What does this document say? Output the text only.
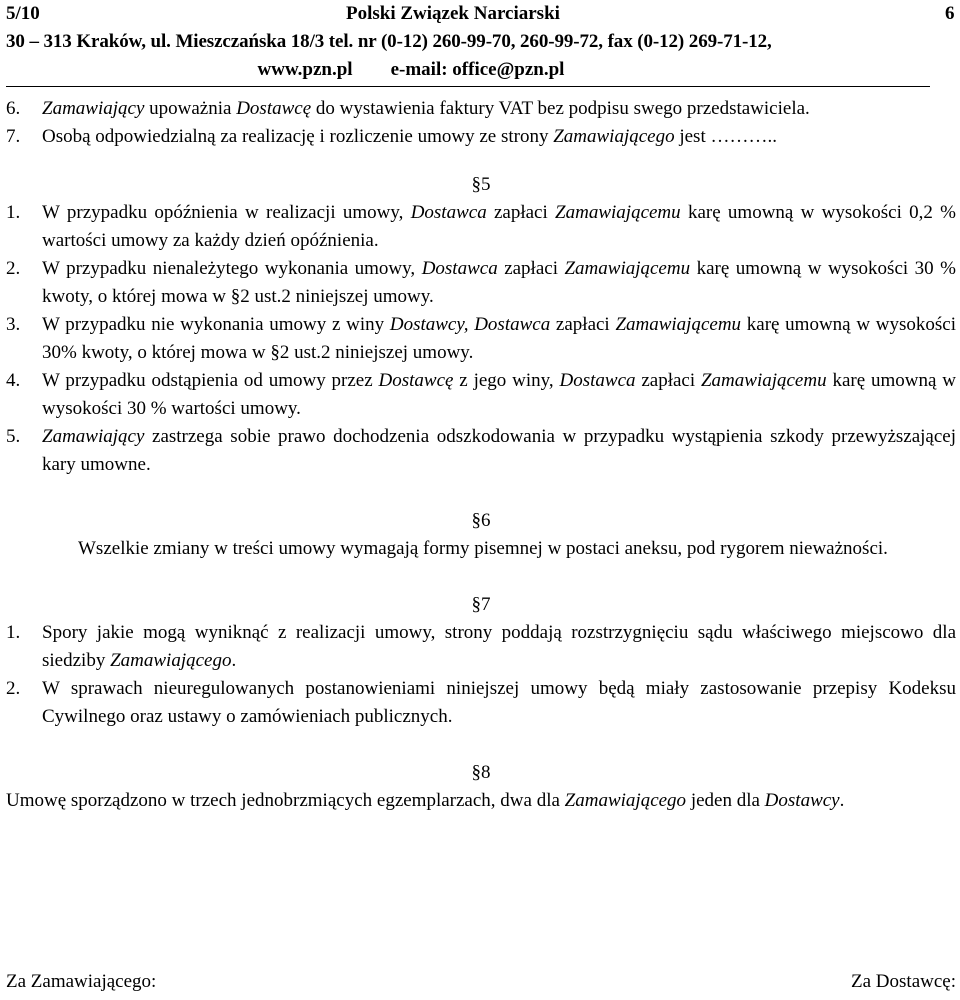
5/10	Polski Związek Narciarski	6
30 – 313 Kraków, ul. Mieszczańska 18/3 tel. nr (0-12) 260-99-70, 260-99-72, fax (0-12) 269-71-12,
www.pzn.pl e-mail: office@pzn.pl
6.	Zamawiający upoważnia Dostawcę do wystawienia faktury VAT bez podpisu swego przedstawiciela.
7.	Osobą odpowiedzialną za realizację i rozliczenie umowy ze strony Zamawiającego jest ………..
§5
1.	W przypadku opóźnienia w realizacji umowy, Dostawca zapłaci Zamawiającemu karę umowną w wysokości 0,2 % wartości umowy za każdy dzień opóźnienia.
2.	W przypadku nienależytego wykonania umowy, Dostawca zapłaci Zamawiającemu karę umowną w wysokości 30 % kwoty, o której mowa w §2 ust.2 niniejszej umowy.
3.	W przypadku nie wykonania umowy z winy Dostawcy, Dostawca zapłaci Zamawiającemu karę umowną w wysokości 30% kwoty, o której mowa w §2 ust.2 niniejszej umowy.
4.	W przypadku odstąpienia od umowy przez Dostawcę z jego winy, Dostawca zapłaci Zamawiającemu karę umowną w wysokości 30 % wartości umowy.
5.	Zamawiający zastrzega sobie prawo dochodzenia odszkodowania w przypadku wystąpienia szkody przewyższającej kary umowne.
§6

Wszelkie zmiany w treści umowy wymagają formy pisemnej w postaci aneksu, pod rygorem nieważności.

§7
1.	Spory jakie mogą wyniknąć z realizacji umowy, strony poddają rozstrzygnięciu sądu właściwego miejscowo dla siedziby Zamawiającego.
2.	W sprawach nieuregulowanych postanowieniami niniejszej umowy będą miały zastosowanie przepisy Kodeksu Cywilnego oraz ustawy o zamówieniach publicznych.
§8

Umowę sporządzono w trzech jednobrzmiących egzemplarzach, dwa dla Zamawiającego jeden dla Dostawcy.

Za Zamawiającego:	Za Dostawcę:
